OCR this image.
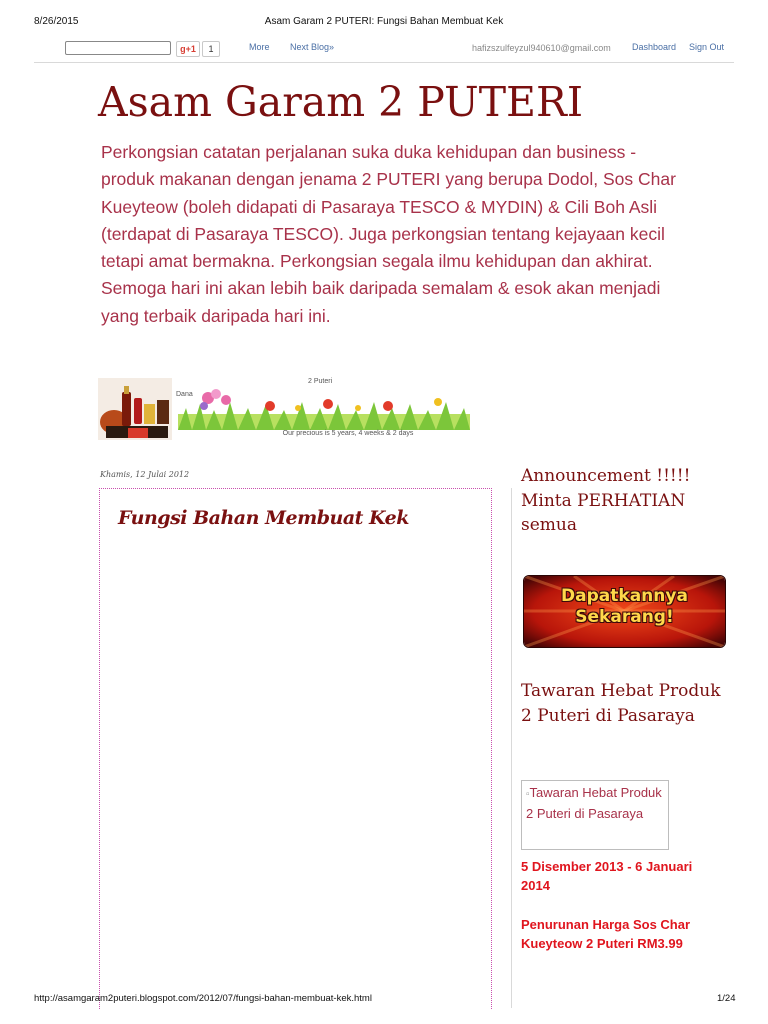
8/26/2015	Asam Garam 2 PUTERI: Fungsi Bahan Membuat Kek
g+1	1	More Next Blog»	hafizszulfeyzul940610@gmail.com Dashboard Sign Out
Asam Garam 2 PUTERI

Perkongsian catatan perjalanan suka duka kehidupan dan business - produk makanan dengan jenama 2 PUTERI yang berupa Dodol, Sos Char Kueyteow (boleh didapati di Pasaraya TESCO & MYDIN) & Cili Boh Asli (terdapat di Pasaraya TESCO). Juga perkongsian tentang kejayaan kecil tetapi amat bermakna. Perkongsian segala ilmu kehidupan dan akhirat. Semoga hari ini akan lebih baik daripada semalam & esok akan menjadi yang terbaik daripada hari ini.

Dana
2 Puteri
Our precious is 5 years, 4 weeks & 2 days
Khamis, 12 Julai 2012
Fungsi Bahan Membuat Kek
Announcement !!!!! Minta PERHATIAN semua
Dapatkannya
Sekarang!
Tawaran Hebat Produk 2 Puteri di Pasaraya
▫Tawaran Hebat Produk 2 Puteri di Pasaraya
5 Disember 2013 - 6 Januari 2014
Penurunan Harga Sos Char Kueyteow 2 Puteri RM3.99
http://asamgaram2puteri.blogspot.com/2012/07/fungsi-bahan-membuat-kek.html	1/24
